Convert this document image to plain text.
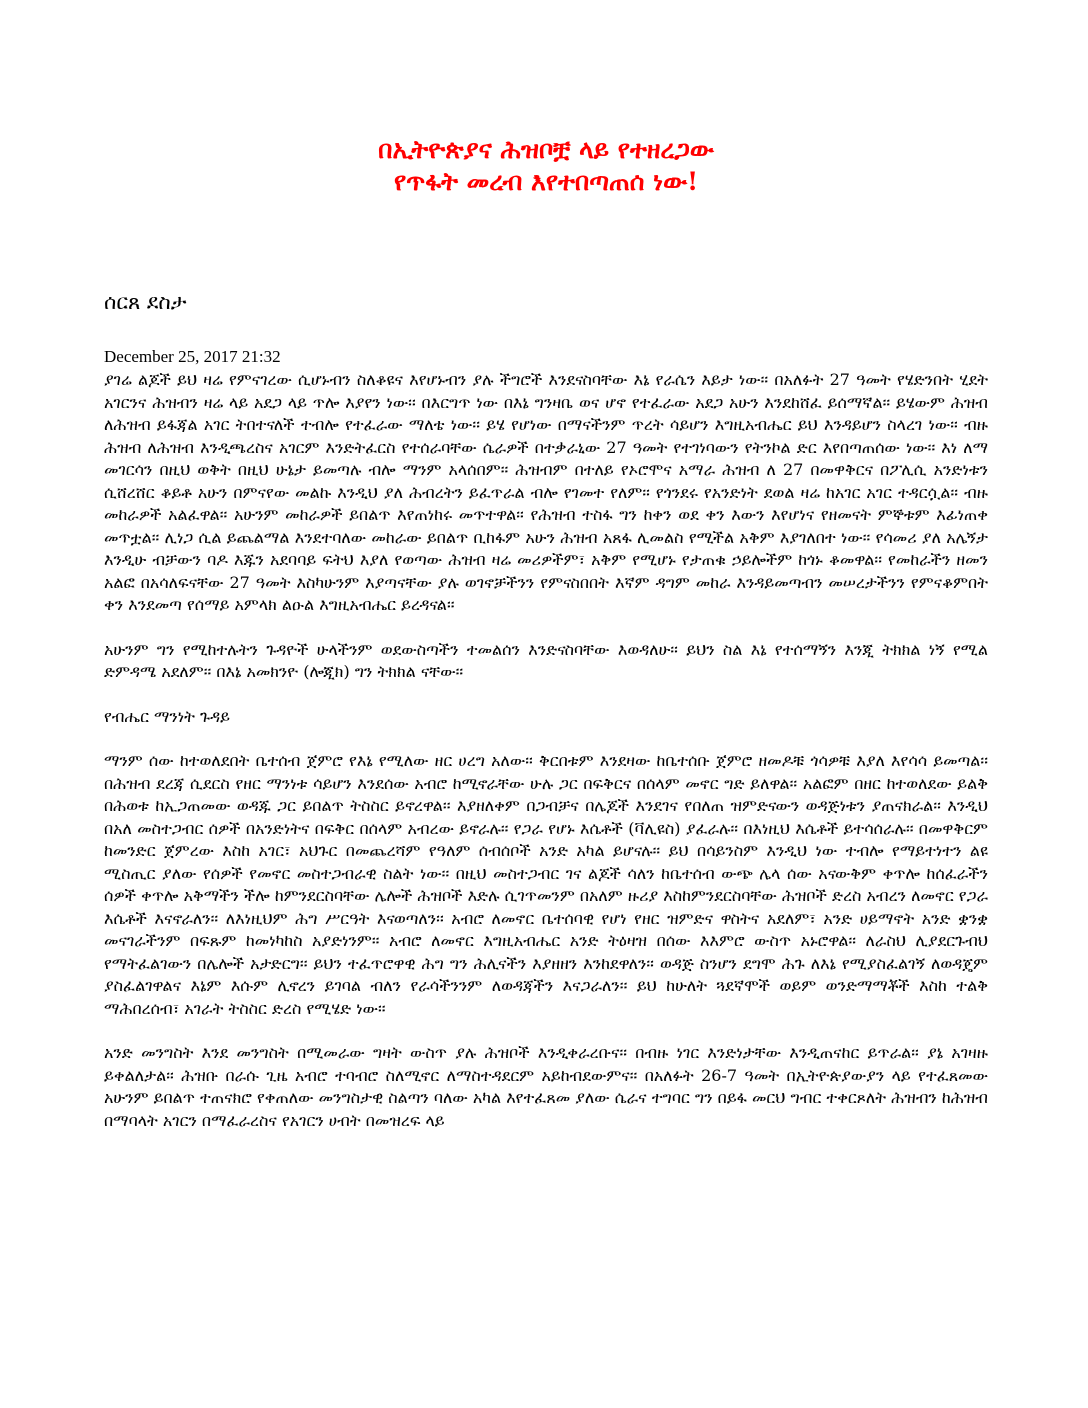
በኢትዮጵያና ሕዝቦቿ ላይ የተዘረጋው
የጥፋት መረብ እየተበጣጠሰ ነው!
ሰርጸ ደስታ
December 25, 2017 21:32

ያገሬ ልጆች ይህ ዛሬ የምናገረው ሲሆኑብን ስለቆዩና እየሆኑብን ያሉ ችግሮች እንደናስባቸው እኔ የራሴን እይታ ነው፡፡ በአለፉት 27 ዓመት የሄድንበት ሂደት አገርንና ሕዝብን ዛሬ ላይ አደጋ ላይ ጥሎ እያየን ነው፡፡ በእርግጥ ነው በእኔ ግንዛቤ ወና ሆኖ የተፈራው አደጋ አሁን እንደከሸፈ ይሰማኛል፡፡ ይሄውም ሕዝብ ለሕዝብ ይፋጃል አገር ትበተናለች ተብሎ የተፈራው ማለቴ ነው፡፡ ይሄ የሆነው በማናችንም ጥረት ሳይሆን እግዚአብሔር ይህ እንዳይሆን ስላረገ ነው፡፡ ብዙ ሕዝብ ለሕዝብ እንዲጫረስና አገርም እንድትፈርስ የተሰራባቸው ሴራዎች በተቃራኒው 27 ዓመት የተገነባውን የትንኮል ድር እየበጣጠሰው ነው፡፡ እነ ለማ መገርሳን በዚህ ወቅት በዚህ ሁኔታ ይመጣሉ ብሎ ማንም አላሰበም፡፡ ሕዝብም በተለይ የኦሮሞና አማራ ሕዝብ ለ 27 በመዋቅርና በፖሊሲ አንድነቱን ሲሸረሸር ቆይቶ አሁን በምናየው መልኩ እንዲህ ያለ ሕብረትን ይፈጥራል ብሎ የገመተ የለም፡፡ የጎንደሩ የአንድነት ደወል ዛሬ ከአገር አገር ተዳርሷል፡፡ ብዙ መከራዎች አልፈዋል፡፡ አሁንም መከራዎች ይበልጥ እየጠነከሩ መጥተዋል፡፡ የሕዝብ ተስፋ ግን ከቀን ወደ ቀን እውን እየሆነና የዘመናት ምኞቱም እፊነጠቀ መጥቷል፡፡ ሊነጋ ሲል ይጨልማል እንደተባለው መከራው ይበልጥ ቢከፋም አሁን ሕዝብ አጸፋ ሊመልስ የሚችል አቅም እያገለበተ ነው፡፡ የሳመሪ ያለ አሌኝታ እንዲሁ ብቻውን ባዶ እጁን አደባባይ ፍትህ እያለ የወጣው ሕዝብ ዛሬ መሪዎችም፣ አቅም የሚሆኑ የታጠቁ ኃይሎችም ከጎኑ ቆመዋል፡፡ የመከራችን ዘመን አልፎ በአሳለፍናቸው 27 ዓመት እስካሁንም እያጣናቸው ያሉ ወገኖቻችንን የምናስበበት እኛም ዳግም መከራ እንዳይመጣብን መሠረታችንን የምናቆምበት ቀን እንደመጣ የሰማይ አምላክ ልዑል እግዚአብሔር ይረዳናል፡፡

አሁንም ግን የሚከተሉትን ጉዳዮች ሁላችንም ወደውስጣችን ተመልሰን እንድናስባቸው እወዳለሁ፡፡ ይህን ስል እኔ የተሰማኝን እንጂ ትክክል ነኝ የሚል ድምዳሜ አደለም፡፡ በእኔ አመክንዮ (ሎጂክ) ግን ትክክል ናቸው፡፡

የብሔር ማንነት ጉዳይ

ማንም ሰው ከተወለደበት ቤተሰብ ጀምሮ የእኔ የሚለው ዘር ሀረግ አለው፡፡ ቅርበቱም እንደዛው ከቤተሰቡ ጀምሮ ዘመዶቹ ጎሳዎቹ እያለ እየሳሳ ይመጣል፡፡ በሕዝብ ደረጃ ሲደርስ የዘር ማንነቱ ሳይሆን እንደሰው አብሮ ከሚኖራቸው ሁሉ ጋር በፍቅርና በሰላም መኖር ግድ ይለዋል፡፡ አልፎም በዘር ከተወለደው ይልቅ በሕወቱ ከኢጋጠመው ወዳጁ ጋር ይበልጥ ትስስር ይኖረዋል፡፡ እያዘለቀም በጋብቻና በሌጆች እንደገና የበለጠ ዝምድናውን ወዳጅነቱን ያጠናክራል፡፡ እንዲህ በአለ መስተጋብር ሰዎች በአንድነትና በፍቅር በሰላም አብረው ይኖራሉ፡፡ የጋራ የሆኑ እሴቶች (ቫሊዩስ) ያፈራሉ፡፡ በእነዚህ እሴቶች ይተሳሰራሉ፡፡ በመዋቅርም ከመንድር ጀምረው እስከ አገር፣ አህጉር በመጨረሻም የዓለም ሰብሰቦች አንድ አካል ይሆናሉ፡፡ ይህ በሳይንስም እንዲህ ነው ተብሎ የማይተነተን ልዩ ሚስጢር ያለው የሰዎች የመኖር መስተጋብራዊ ስልት ነው፡፡ በዚህ መስተጋብር ገና ልጆች ሳለን ከቤተሰብ ውጭ ሌላ ሰው አናውቅም ቀጥሎ ከሰፈራችን ሰዎች ቀጥሎ አቅማችን ችሎ ከምንደርስባቸው ሌሎች ሕዝቦች እድሉ ሲገጥመንም በአለም ዙሪያ እስከምንደርስባቸው ሕዝቦች ድረስ አብረን ለመኖር የጋራ እሴቶች እናኖራለን፡፡ ለእነዚህም ሕግ ሥርዓት እናወጣለን፡፡ አብሮ ለመኖር ቤተሰባዊ የሆነ የዘር ዝምድና ዋስትና አደለም፣ አንድ ሀይማኖት አንድ ቋንቋ መናገራችንም በፍጹም ከመነካከስ አያድነንም፡፡ አብሮ ለመኖር እግዚአብሔር አንድ ትዕዛዝ በሰው እእምሮ ውስጥ አኑሮዋል፡፡ ለራስህ ሊያደርጉብህ የማትፈልገውን በሌሎች አታድርግ፡፡ ይህን ተፈጥሮዋዊ ሕግ ግን ሕሊናችን እያዘዘን እንከደዋለን፡፡ ወዳጅ ስንሆን ደግሞ ሕጉ ለእኔ የሚያስፈልገኝ ለወዳጄም ያስፈልገዋልና እኔም እሱም ሊኖረን ይገባል ብለን የራሳችንንም ለወዳጃችን እናጋራለን፡፡ ይህ ከሁለት ጓደኛሞች ወይም ወንድማማቾች እስከ ተልቅ ማሕበረሰብ፣ አገራት ትስስር ድረስ የሚሄድ ነው፡፡

አንድ መንግስት እንደ መንግስት በሚመራው ግዛት ውስጥ ያሉ ሕዝቦች እንዲቀራረቡና፡፡ በብዙ ነገር እንድነታቸው እንዲጠናከር ይጥራል፡፡ ያኔ አገዛዙ ይቀልለታል፡፡ ሕዝቡ በራሱ ጊዜ አብሮ ተባብሮ ስለሚኖር ለማስተዳደርም አይከብደውምና፡፡ በአለፉት 26-7 ዓመት በኢትዮጵያውያን ላይ የተፈጸመው አሁንም ይበልጥ ተጠናክሮ የቀጠለው መንግስታዊ ስልጣን ባለው አካል እየተፈጸመ ያለው ሴራና ተግባር ግን በይፋ መርህ ግብር ተቀርጾለት ሕዝብን ከሕዝብ በማባላት አገርን በማፈራረስና የአገርን ሀብት በመዝረፍ ላይ
